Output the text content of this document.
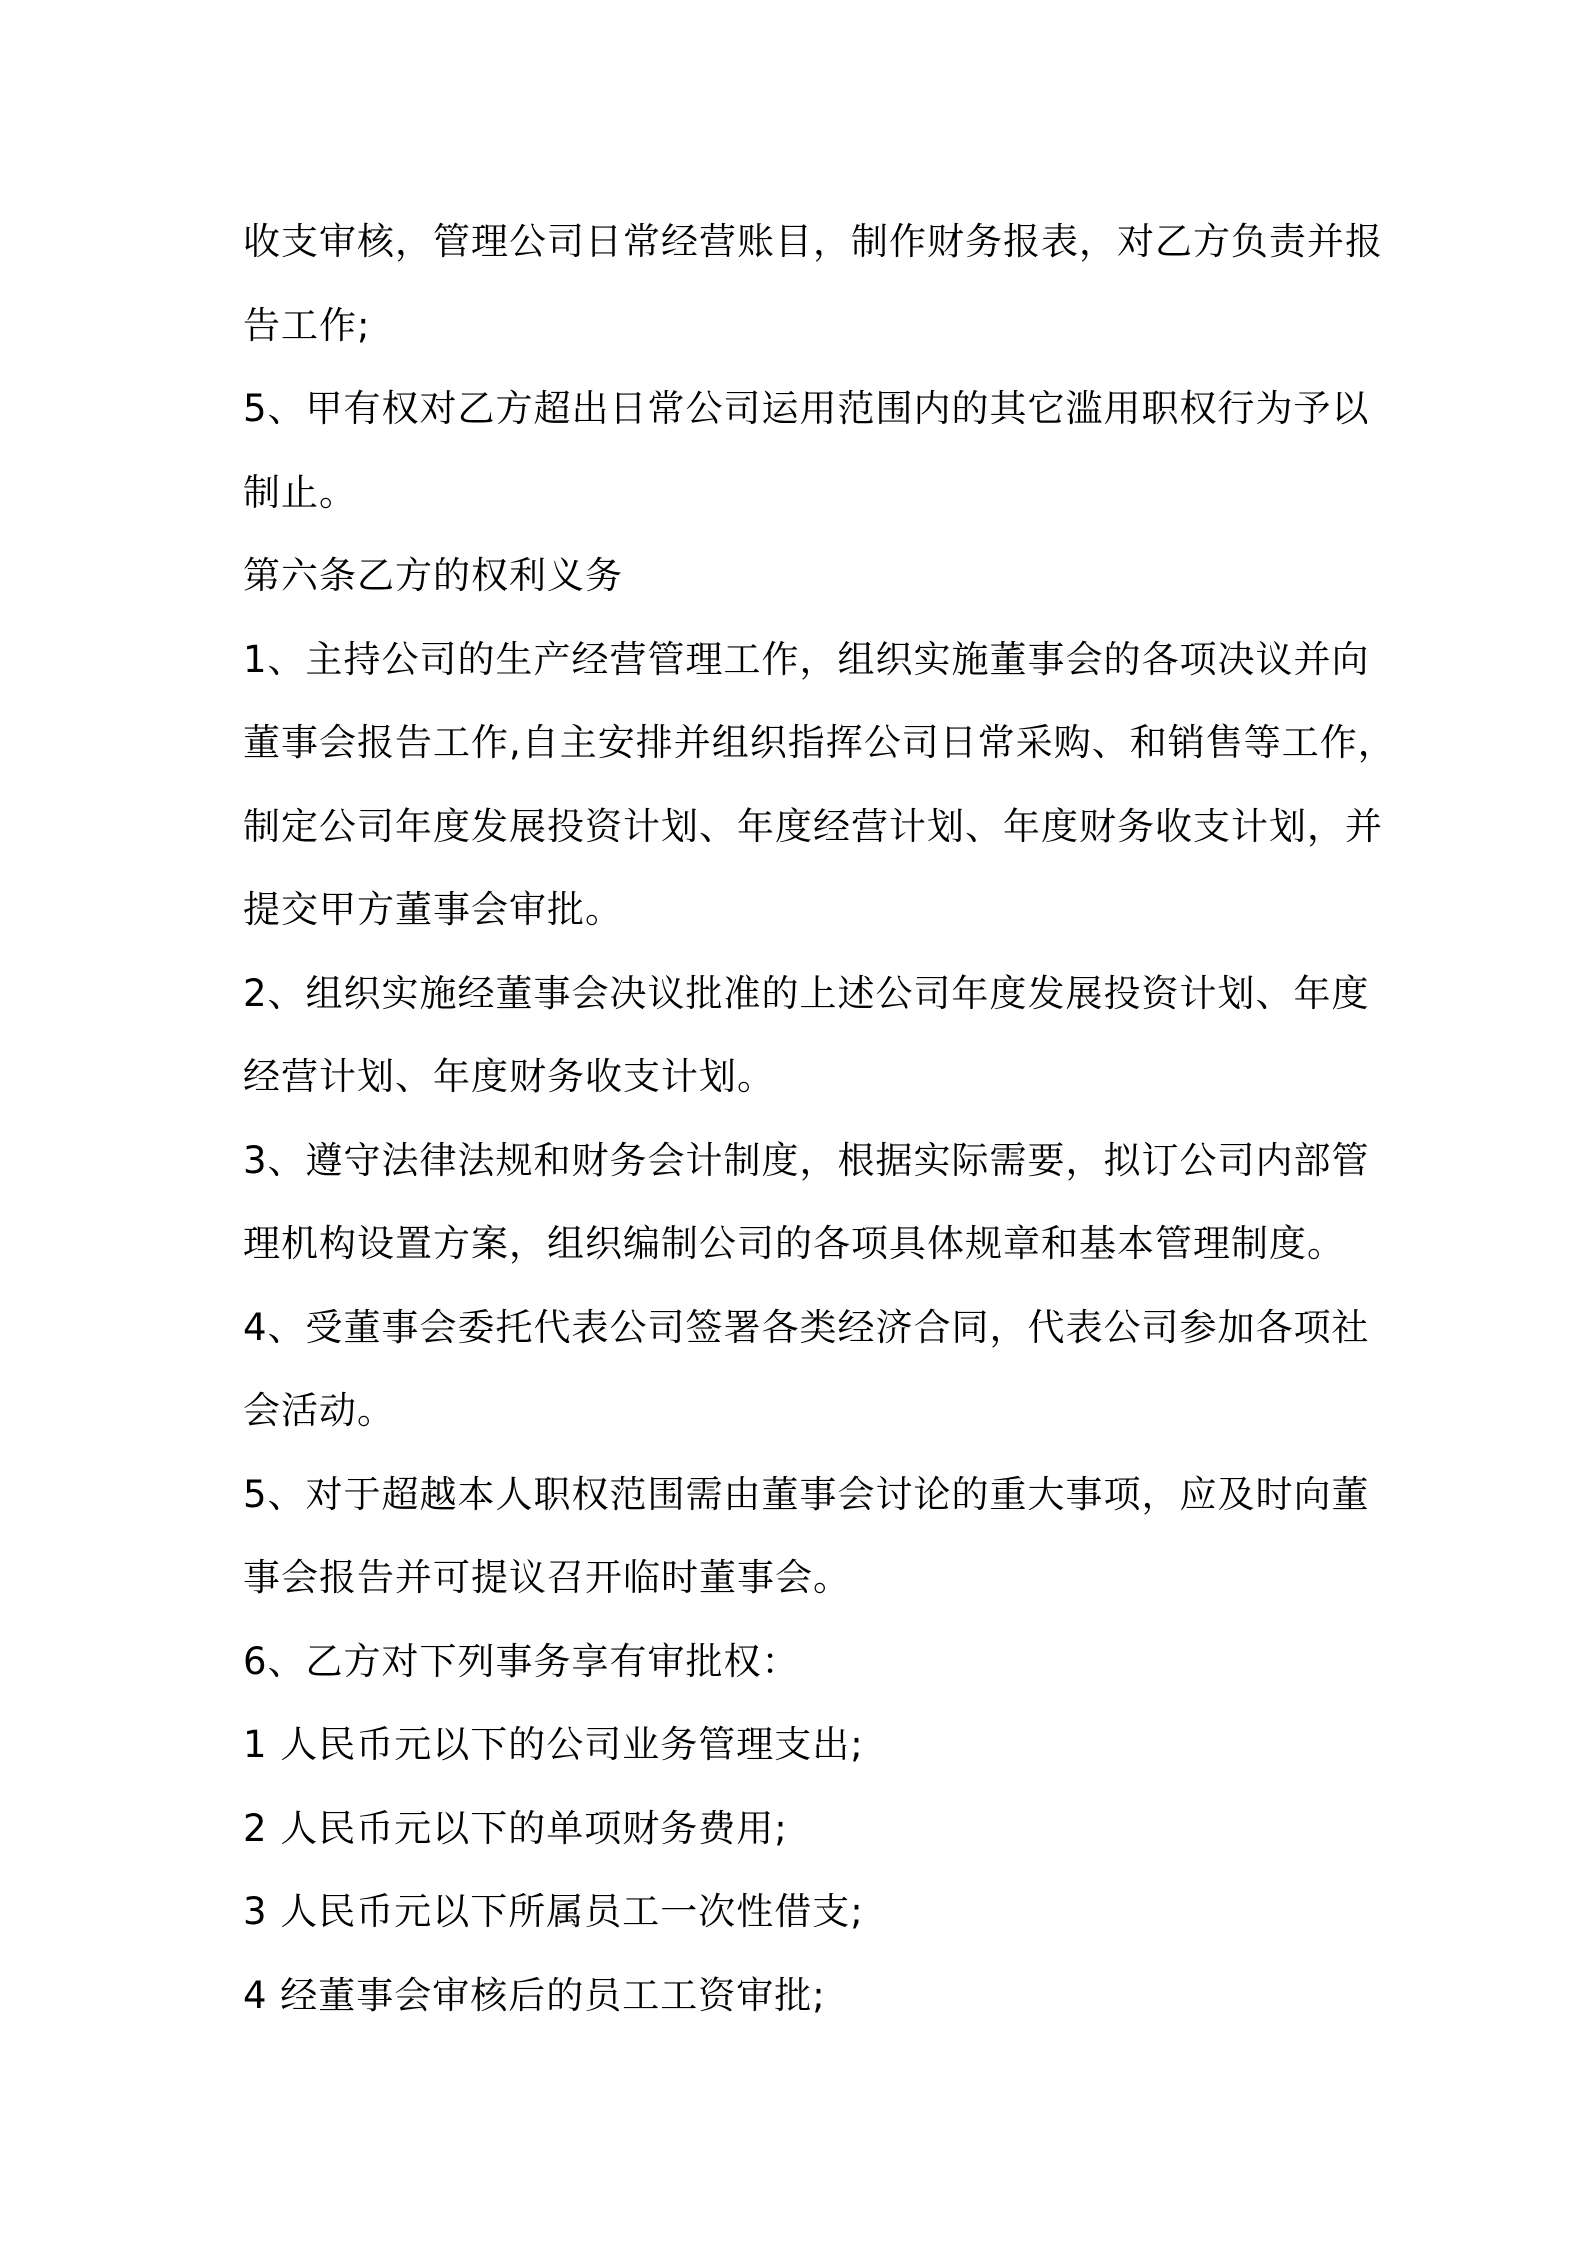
收支审核，管理公司日常经营账目，制作财务报表，对乙方负责并报
告工作;
5、甲有权对乙方超出日常公司运用范围内的其它滥用职权行为予以
制止。
第六条乙方的权利义务
1、主持公司的生产经营管理工作，组织实施董事会的各项决议并向
董事会报告工作,自主安排并组织指挥公司日常采购、和销售等工作，
制定公司年度发展投资计划、年度经营计划、年度财务收支计划，并
提交甲方董事会审批。
2、组织实施经董事会决议批准的上述公司年度发展投资计划、年度
经营计划、年度财务收支计划。
3、遵守法律法规和财务会计制度，根据实际需要，拟订公司内部管
理机构设置方案，组织编制公司的各项具体规章和基本管理制度。
4、受董事会委托代表公司签署各类经济合同，代表公司参加各项社
会活动。
5、对于超越本人职权范围需由董事会讨论的重大事项，应及时向董
事会报告并可提议召开临时董事会。
6、乙方对下列事务享有审批权：
1 人民币元以下的公司业务管理支出;
2 人民币元以下的单项财务费用;
3 人民币元以下所属员工一次性借支;
4 经董事会审核后的员工工资审批;
